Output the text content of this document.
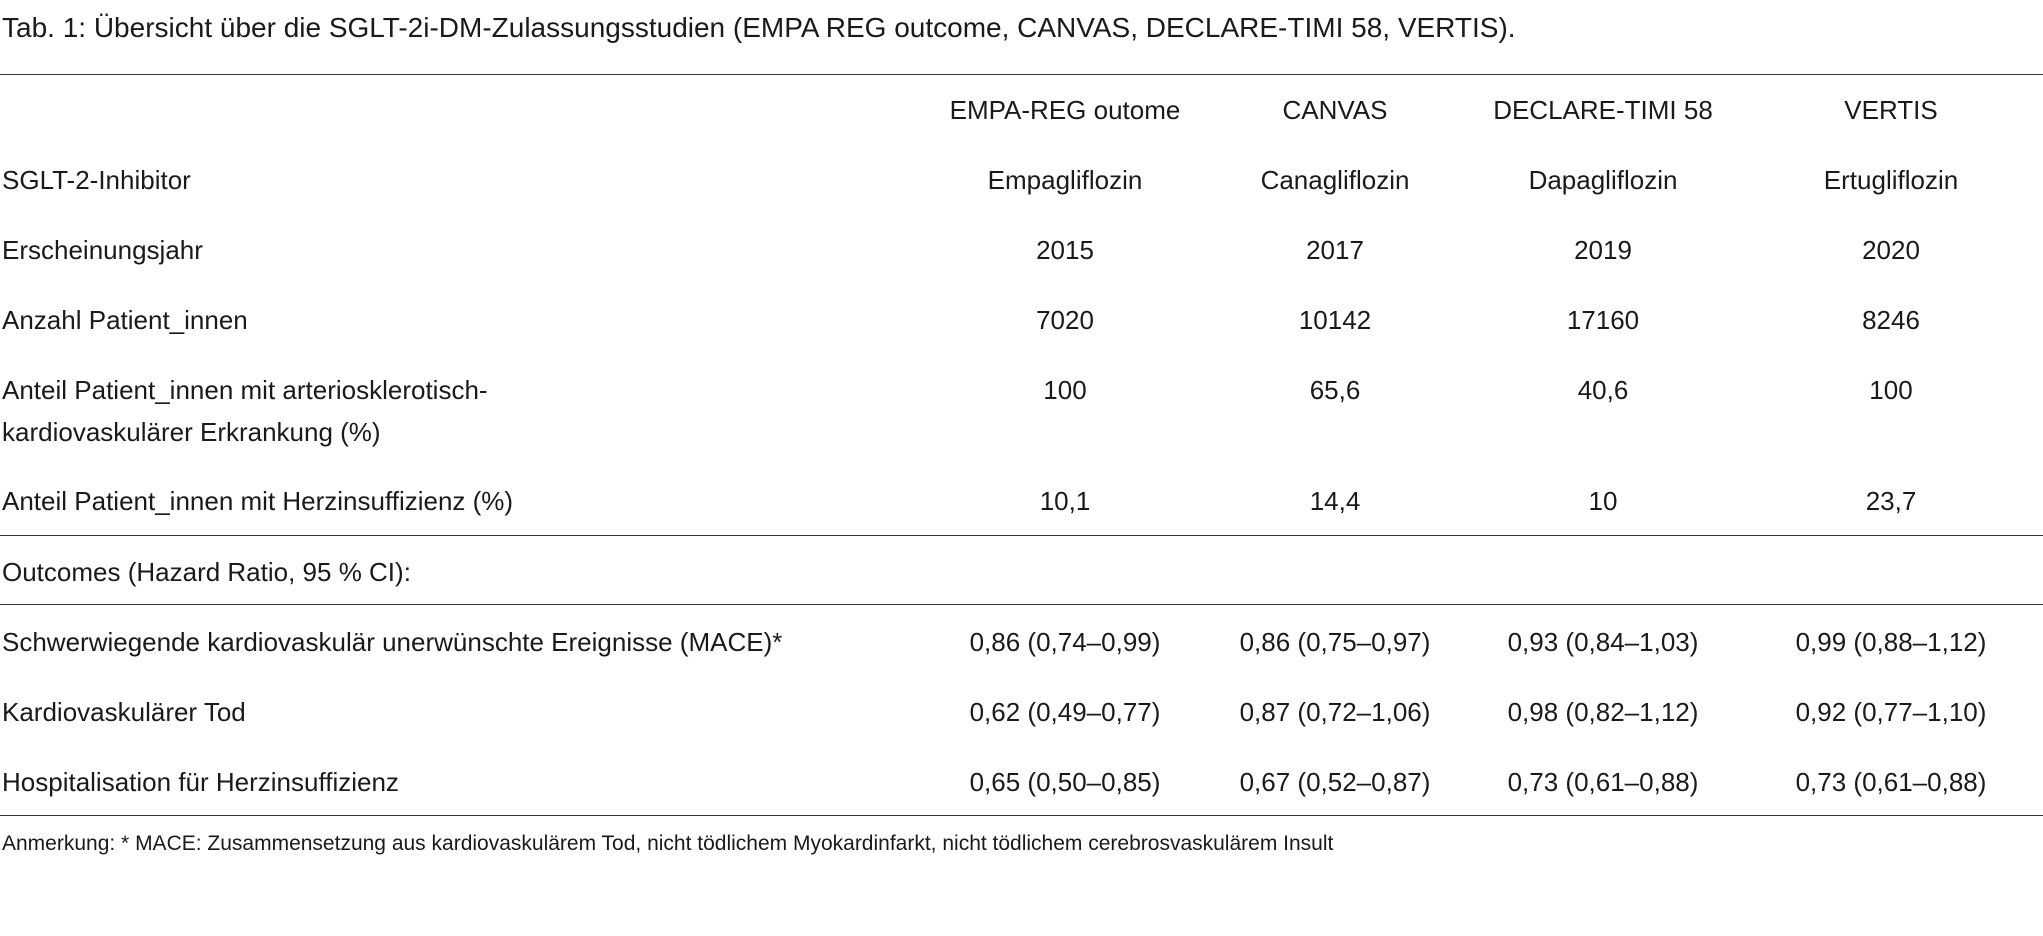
Tab. 1: Übersicht über die SGLT-2i-DM-Zulassungsstudien (EMPA REG outcome, CANVAS, DECLARE-TIMI 58, VERTIS).
EMPA-REG outome	CANVAS	DECLARE-TIMI 58	VERTIS
SGLT-2-Inhibitor	Empagliflozin	Canagliflozin	Dapagliflozin	Ertugliflozin
Erscheinungsjahr	2015	2017	2019	2020
Anzahl Patient_innen	7020	10142	17160	8246
Anteil Patient_innen mit arteriosklerotisch-
kardiovaskulärer Erkrankung (%)
100	65,6	40,6	100
Anteil Patient_innen mit Herzinsuffizienz (%)	10,1	14,4	10	23,7
Outcomes (Hazard Ratio, 95 % CI):
Schwerwiegende kardiovaskulär unerwünschte Ereignisse (MACE)*	0,86 (0,74–0,99)	0,86 (0,75–0,97)	0,93 (0,84–1,03)	0,99 (0,88–1,12)
Kardiovaskulärer Tod	0,62 (0,49–0,77)	0,87 (0,72–1,06)	0,98 (0,82–1,12)	0,92 (0,77–1,10)
Hospitalisation für Herzinsuffizienz	0,65 (0,50–0,85)	0,67 (0,52–0,87)	0,73 (0,61–0,88)	0,73 (0,61–0,88)
Anmerkung: * MACE: Zusammensetzung aus kardiovaskulärem Tod, nicht tödlichem Myokardinfarkt, nicht tödlichem cerebrosvaskulärem Insult
